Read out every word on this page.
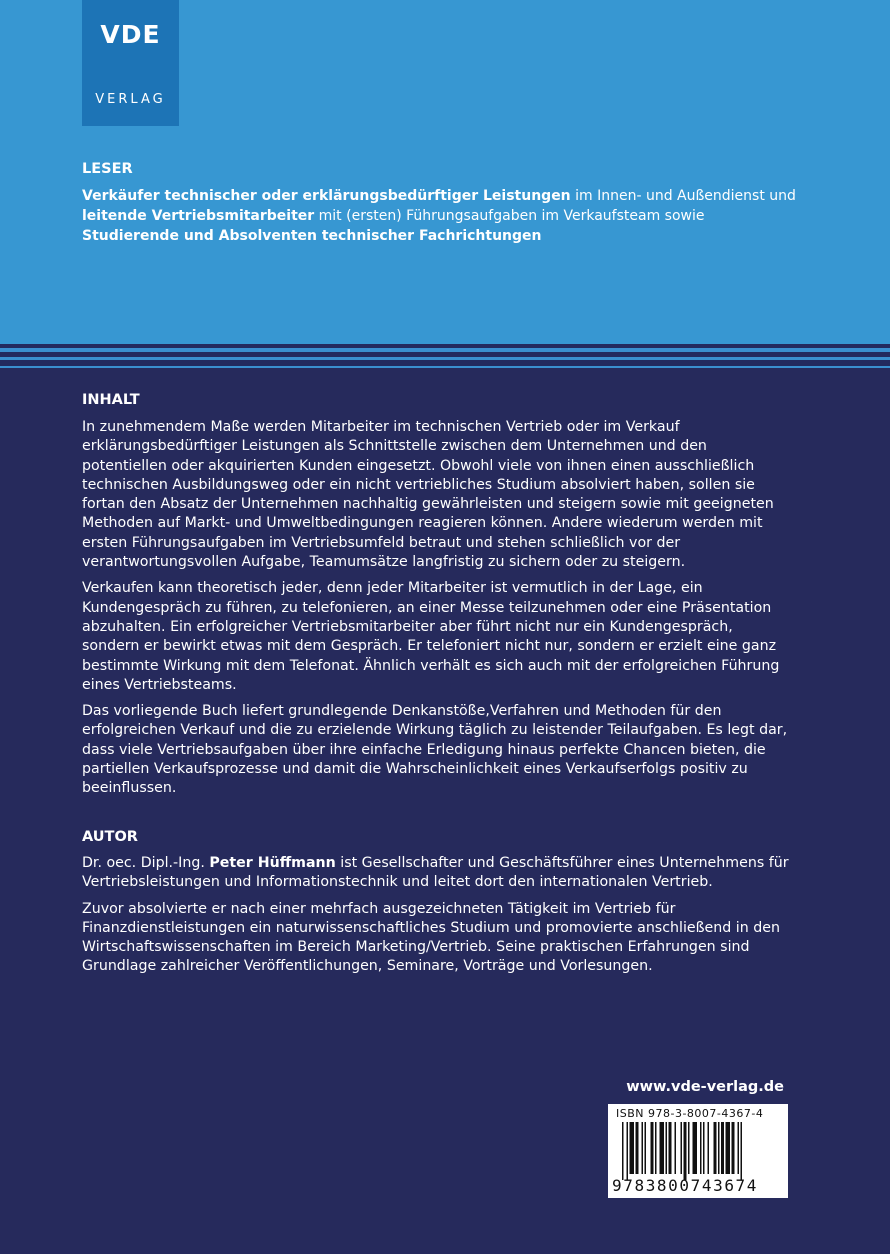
VDE
VERLAG
LESER
Verkäufer technischer oder erklärungsbedürftiger Leistungen im Innen- und Außendienst und leitende Vertriebsmitarbeiter mit (ersten) Führungsaufgaben im Verkaufsteam sowie Studierende und Absolventen technischer Fachrichtungen
INHALT

In zunehmendem Maße werden Mitarbeiter im technischen Vertrieb oder im Verkauf erklärungsbedürftiger Leistungen als Schnittstelle zwischen dem Unternehmen und den potentiellen oder akquirierten Kunden eingesetzt. Obwohl viele von ihnen einen ausschließlich technischen Ausbildungsweg oder ein nicht vertriebliches Studium absolviert haben, sollen sie fortan den Absatz der Unternehmen nachhaltig gewährleisten und steigern sowie mit geeigneten Methoden auf Markt- und Umweltbedingungen reagieren können. Andere wiederum werden mit ersten Führungsaufgaben im Vertriebsumfeld betraut und stehen schließlich vor der verantwortungsvollen Aufgabe, Teamumsätze langfristig zu sichern oder zu steigern.

Verkaufen kann theoretisch jeder, denn jeder Mitarbeiter ist vermutlich in der Lage, ein Kundengespräch zu führen, zu telefonieren, an einer Messe teilzunehmen oder eine Präsentation abzuhalten. Ein erfolgreicher Vertriebsmitarbeiter aber führt nicht nur ein Kundengespräch, sondern er bewirkt etwas mit dem Gespräch. Er telefoniert nicht nur, sondern er erzielt eine ganz bestimmte Wirkung mit dem Telefonat. Ähnlich verhält es sich auch mit der erfolgreichen Führung eines Vertriebsteams.

Das vorliegende Buch liefert grundlegende Denkanstöße,Verfahren und Methoden für den erfolgreichen Verkauf und die zu erzielende Wirkung täglich zu leistender Teilaufgaben. Es legt dar, dass viele Vertriebsaufgaben über ihre einfache Erledigung hinaus perfekte Chancen bieten, die partiellen Verkaufsprozesse und damit die Wahrscheinlichkeit eines Verkaufserfolgs positiv zu beeinflussen.

AUTOR

Dr. oec. Dipl.-Ing. Peter Hüffmann ist Gesellschafter und Geschäftsführer eines Unternehmens für Vertriebsleistungen und Informationstechnik und leitet dort den internationalen Vertrieb.

Zuvor absolvierte er nach einer mehrfach ausgezeichneten Tätigkeit im Vertrieb für Finanzdienstleistungen ein naturwissenschaftliches Studium und promovierte anschließend in den Wirtschaftswissenschaften im Bereich Marketing/Vertrieb. Seine praktischen Erfahrungen sind Grundlage zahlreicher Veröffentlichungen, Seminare, Vorträge und Vorlesungen.

www.vde-verlag.de
ISBN 978-3-8007-4367-4
9783800743674
